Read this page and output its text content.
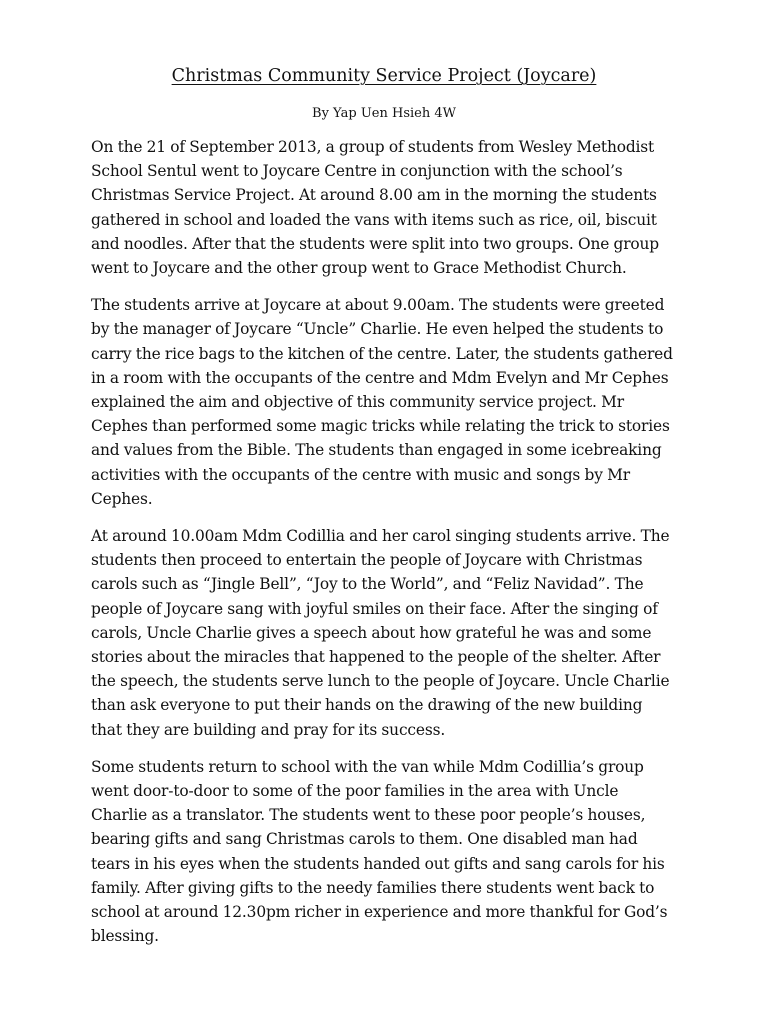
Christmas Community Service Project (Joycare)
By Yap Uen Hsieh 4W

On the 21 of September 2013, a group of students from Wesley Methodist School Sentul went to Joycare Centre in conjunction with the school’s Christmas Service Project. At around 8.00 am in the morning the students gathered in school and loaded the vans with items such as rice, oil, biscuit and noodles. After that the students were split into two groups. One group went to Joycare and the other group went to Grace Methodist Church.

The students arrive at Joycare at about 9.00am. The students were greeted by the manager of Joycare “Uncle” Charlie. He even helped the students to carry the rice bags to the kitchen of the centre. Later, the students gathered in a room with the occupants of the centre and Mdm Evelyn and Mr Cephes explained the aim and objective of this community service project. Mr Cephes than performed some magic tricks while relating the trick to stories and values from the Bible. The students than engaged in some icebreaking activities with the occupants of the centre with music and songs by Mr Cephes.

At around 10.00am Mdm Codillia and her carol singing students arrive. The students then proceed to entertain the people of Joycare with Christmas carols such as “Jingle Bell”, “Joy to the World”, and “Feliz Navidad”. The people of Joycare sang with joyful smiles on their face. After the singing of carols, Uncle Charlie gives a speech about how grateful he was and some stories about the miracles that happened to the people of the shelter. After the speech, the students serve lunch to the people of Joycare. Uncle Charlie than ask everyone to put their hands on the drawing of the new building that they are building and pray for its success.

Some students return to school with the van while Mdm Codillia’s group went door-to-door to some of the poor families in the area with Uncle Charlie as a translator. The students went to these poor people’s houses, bearing gifts and sang Christmas carols to them. One disabled man had tears in his eyes when the students handed out gifts and sang carols for his family. After giving gifts to the needy families there students went back to school at around 12.30pm richer in experience and more thankful for God’s blessing.
